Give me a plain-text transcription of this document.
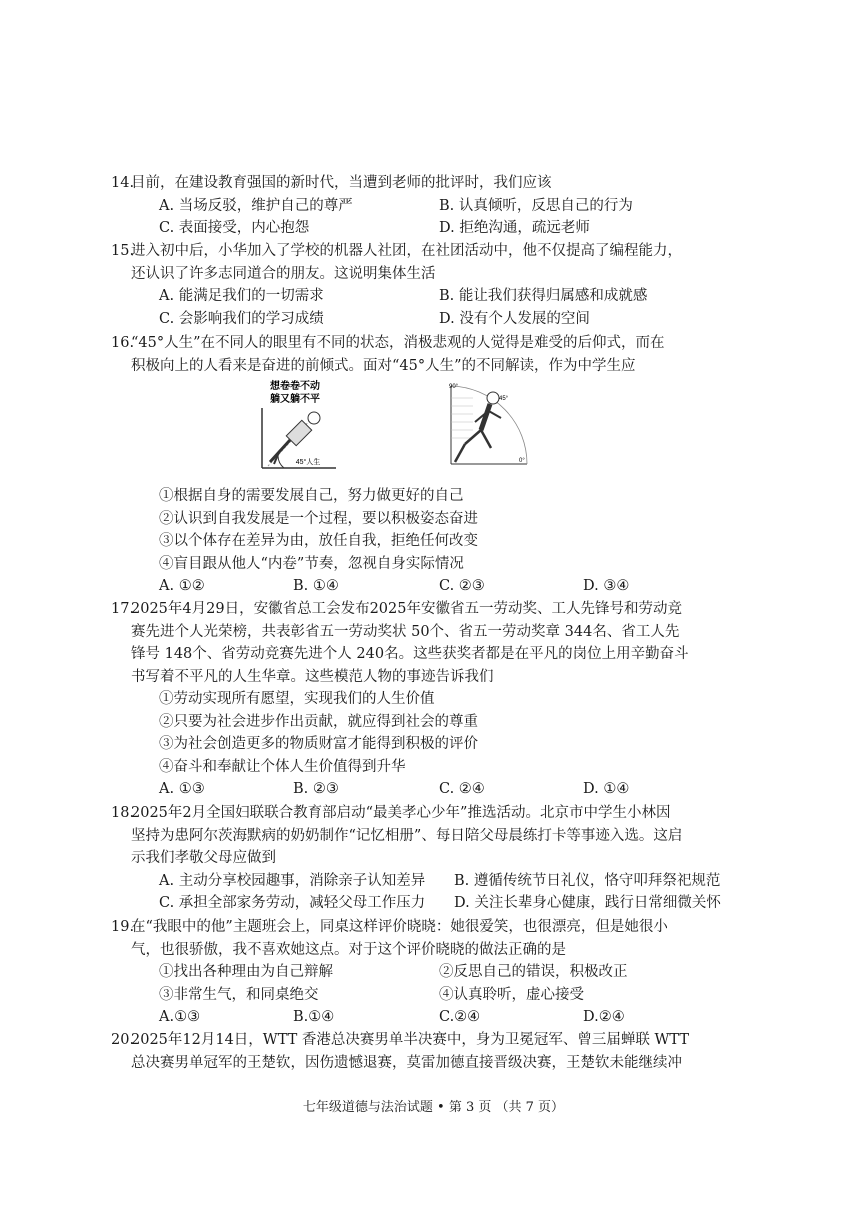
14.
目前，在建设教育强国的新时代，当遭到老师的批评时，我们应该
A. 当场反驳，维护自己的尊严	B. 认真倾听，反思自己的行为
C. 表面接受，内心抱怨	D. 拒绝沟通，疏远老师
15.
进入初中后，小华加入了学校的机器人社团，在社团活动中，他不仅提高了编程能力，
还认识了许多志同道合的朋友。这说明集体生活
A. 能满足我们的一切需求	B. 能让我们获得归属感和成就感
C. 会影响我们的学习成绩	D. 没有个人发展的空间
16.
“45°人生”在不同人的眼里有不同的状态，消极悲观的人觉得是难受的后仰式，而在
积极向上的人看来是奋进的前倾式。面对“45°人生”的不同解读，作为中学生应
想卷卷不动
躺又躺不平
45°人生
90°
45°
0°
①根据自身的需要发展自己，努力做更好的自己
②认识到自我发展是一个过程，要以积极姿态奋进
③以个体存在差异为由，放任自我，拒绝任何改变
④盲目跟从他人“内卷”节奏，忽视自身实际情况
A. ①②	B. ①④	C. ②③	D. ③④
17.
2025年4月29日，安徽省总工会发布2025年安徽省五一劳动奖、工人先锋号和劳动竞
赛先进个人光荣榜，共表彰省五一劳动奖状 50个、省五一劳动奖章 344名、省工人先
锋号 148个、省劳动竞赛先进个人 240名。这些获奖者都是在平凡的岗位上用辛勤奋斗
书写着不平凡的人生华章。这些模范人物的事迹告诉我们
①劳动实现所有愿望，实现我们的人生价值
②只要为社会进步作出贡献，就应得到社会的尊重
③为社会创造更多的物质财富才能得到积极的评价
④奋斗和奉献让个体人生价值得到升华
A. ①③	B. ②③	C. ②④	D. ①④
18.
2025年2月全国妇联联合教育部启动“最美孝心少年”推选活动。北京市中学生小林因
坚持为患阿尔茨海默病的奶奶制作“记忆相册”、每日陪父母晨练打卡等事迹入选。这启
示我们孝敬父母应做到
A. 主动分享校园趣事，消除亲子认知差异 B. 遵循传统节日礼仪，恪守叩拜祭祀规范
C. 承担全部家务劳动，减轻父母工作压力 D. 关注长辈身心健康，践行日常细微关怀
19.
在“我眼中的他”主题班会上，同桌这样评价晓晓：她很爱笑，也很漂亮，但是她很小
气，也很骄傲，我不喜欢她这点。对于这个评价晓晓的做法正确的是
①找出各种理由为自己辩解	②反思自己的错误，积极改正
③非常生气，和同桌绝交	④认真聆听，虚心接受
A.①③	B.①④	C.②④	D.②④
20.
2025年12月14日，WTT 香港总决赛男单半决赛中，身为卫冕冠军、曾三届蝉联 WTT
总决赛男单冠军的王楚钦，因伤遗憾退赛，莫雷加德直接晋级决赛，王楚钦未能继续冲
七年级道德与法治试题 • 第 3 页 （共 7 页）
